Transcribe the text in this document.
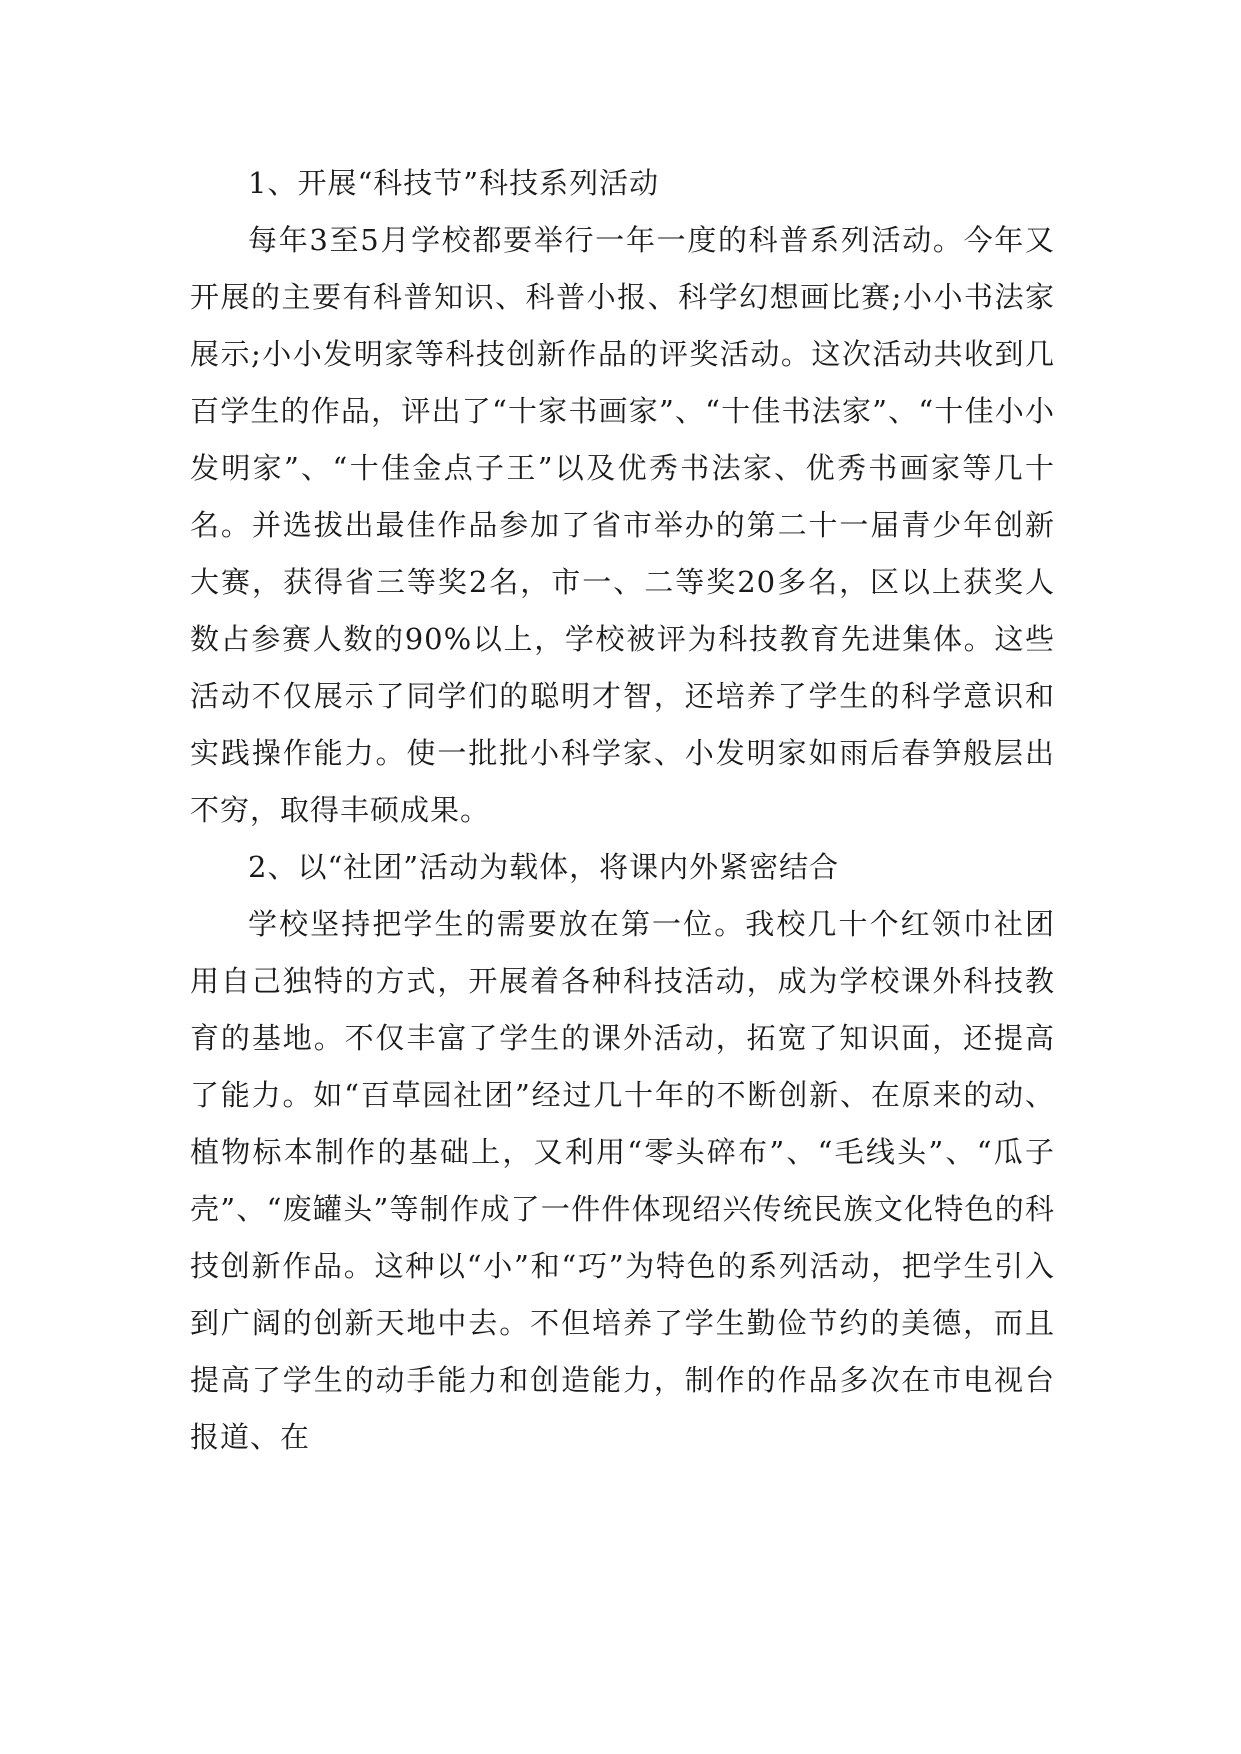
1、开展“科技节”科技系列活动

每年3至5月学校都要举行一年一度的科普系列活动。今年又开展的主要有科普知识、科普小报、科学幻想画比赛;小小书法家展示;小小发明家等科技创新作品的评奖活动。这次活动共收到几百学生的作品，评出了“十家书画家”、“十佳书法家”、“十佳小小发明家”、“十佳金点子王”以及优秀书法家、优秀书画家等几十名。并选拔出最佳作品参加了省市举办的第二十一届青少年创新大赛，获得省三等奖2名，市一、二等奖20多名，区以上获奖人数占参赛人数的90%以上，学校被评为科技教育先进集体。这些活动不仅展示了同学们的聪明才智，还培养了学生的科学意识和实践操作能力。使一批批小科学家、小发明家如雨后春笋般层出不穷，取得丰硕成果。

2、以“社团”活动为载体，将课内外紧密结合

学校坚持把学生的需要放在第一位。我校几十个红领巾社团用自己独特的方式，开展着各种科技活动，成为学校课外科技教育的基地。不仅丰富了学生的课外活动，拓宽了知识面，还提高了能力。如“百草园社团”经过几十年的不断创新、在原来的动、植物标本制作的基础上，又利用“零头碎布”、“毛线头”、“瓜子壳”、“废罐头”等制作成了一件件体现绍兴传统民族文化特色的科技创新作品。这种以“小”和“巧”为特色的系列活动，把学生引入到广阔的创新天地中去。不但培养了学生勤俭节约的美德，而且提高了学生的动手能力和创造能力，制作的作品多次在市电视台报道、在
